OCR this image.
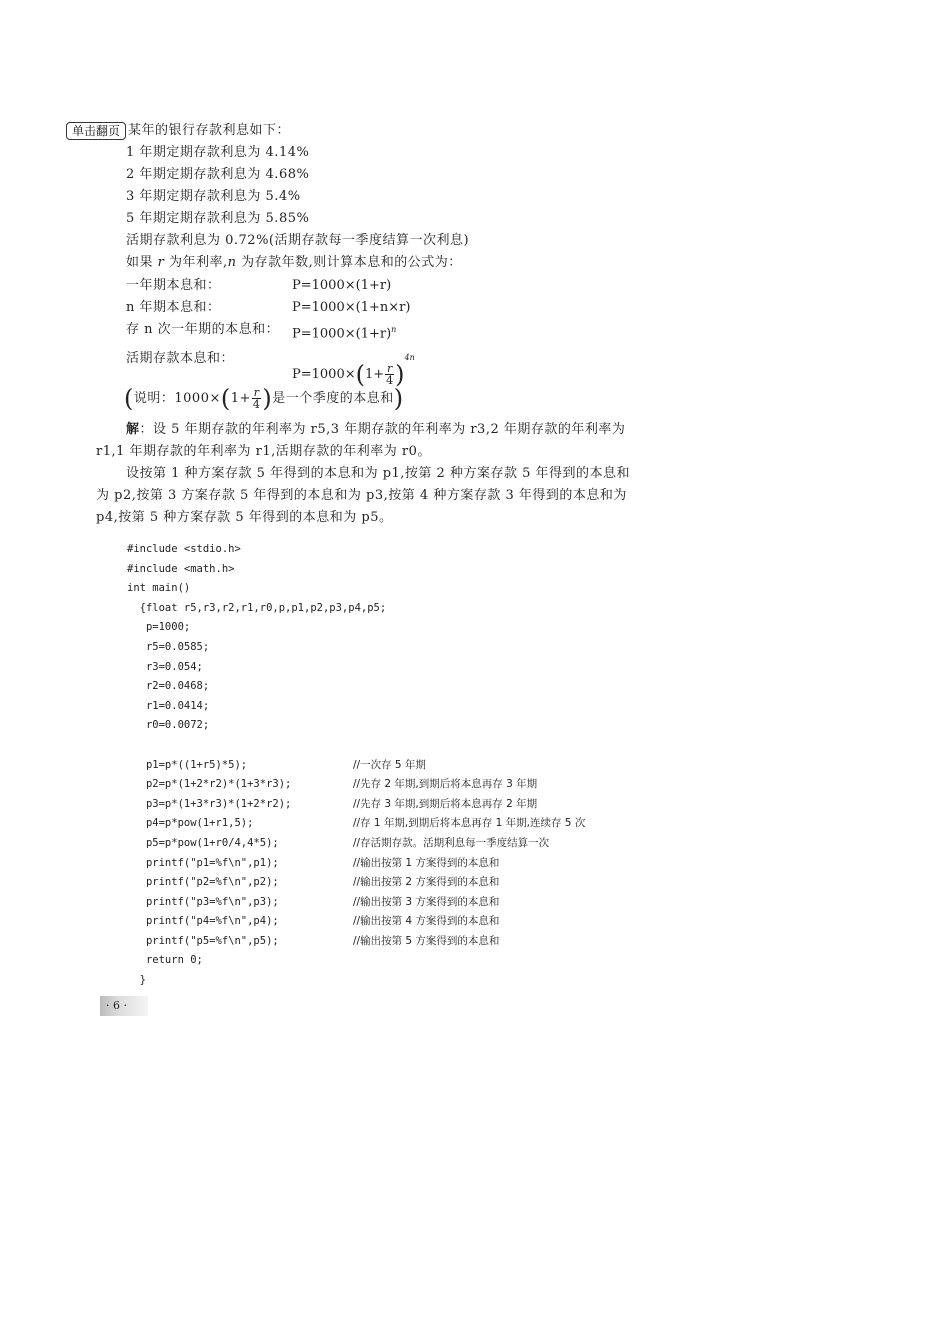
单击翻页 某年的银行存款利息如下：
1 年期定期存款利息为 4.14%
2 年期定期存款利息为 4.68%
3 年期定期存款利息为 5.4%
5 年期定期存款利息为 5.85%
活期存款利息为 0.72%(活期存款每一季度结算一次利息)
如果 r 为年利率,n 为存款年数,则计算本息和的公式为：
一年期本息和：	P=1000×(1+r)
n 年期本息和：	P=1000×(1+n×r)
存 n 次一年期的本息和： $P=1000\times(1+r)^n$
活期存款本息和：
$P=1000\times(1+ \frac{r}{4} )^{4n}$
(说明：$1000\times(1+ \frac{r}{4}$ )是一个季度的本息和)
解：设 5 年期存款的年利率为 r5,3 年期存款的年利率为 r3,2 年期存款的年利率为
r1,1 年期存款的年利率为 r1,活期存款的年利率为 r0。
设按第 1 种方案存款 5 年得到的本息和为 p1,按第 2 种方案存款 5 年得到的本息和
为 p2,按第 3 方案存款 5 年得到的本息和为 p3,按第 4 种方案存款 3 年得到的本息和为
p4,按第 5 种方案存款 5 年得到的本息和为 p5。
#include <stdio.h>
#include <math.h>
int main()
{float r5,r3,r2,r1,r0,p,p1,p2,p3,p4,p5;
p=1000;
r5=0.0585;
r3=0.054;
r2=0.0468;
r1=0.0414;
r0=0.0072;
p1=p*((1+r5)*5);	//一次存 5 年期
p2=p*(1+2*r2)*(1+3*r3);	//先存 2 年期,到期后将本息再存 3 年期
p3=p*(1+3*r3)*(1+2*r2);	//先存 3 年期,到期后将本息再存 2 年期
p4=p*pow(1+r1,5);	//存 1 年期,到期后将本息再存 1 年期,连续存 5 次
p5=p*pow(1+r0/4,4*5);	//存活期存款。活期利息每一季度结算一次
printf("p1=%f\n",p1);	//输出按第 1 方案得到的本息和
printf("p2=%f\n",p2);	//输出按第 2 方案得到的本息和
printf("p3=%f\n",p3);	//输出按第 3 方案得到的本息和
printf("p4=%f\n",p4);	//输出按第 4 方案得到的本息和
printf("p5=%f\n",p5);	//输出按第 5 方案得到的本息和
return 0;
}
· 6 ·
